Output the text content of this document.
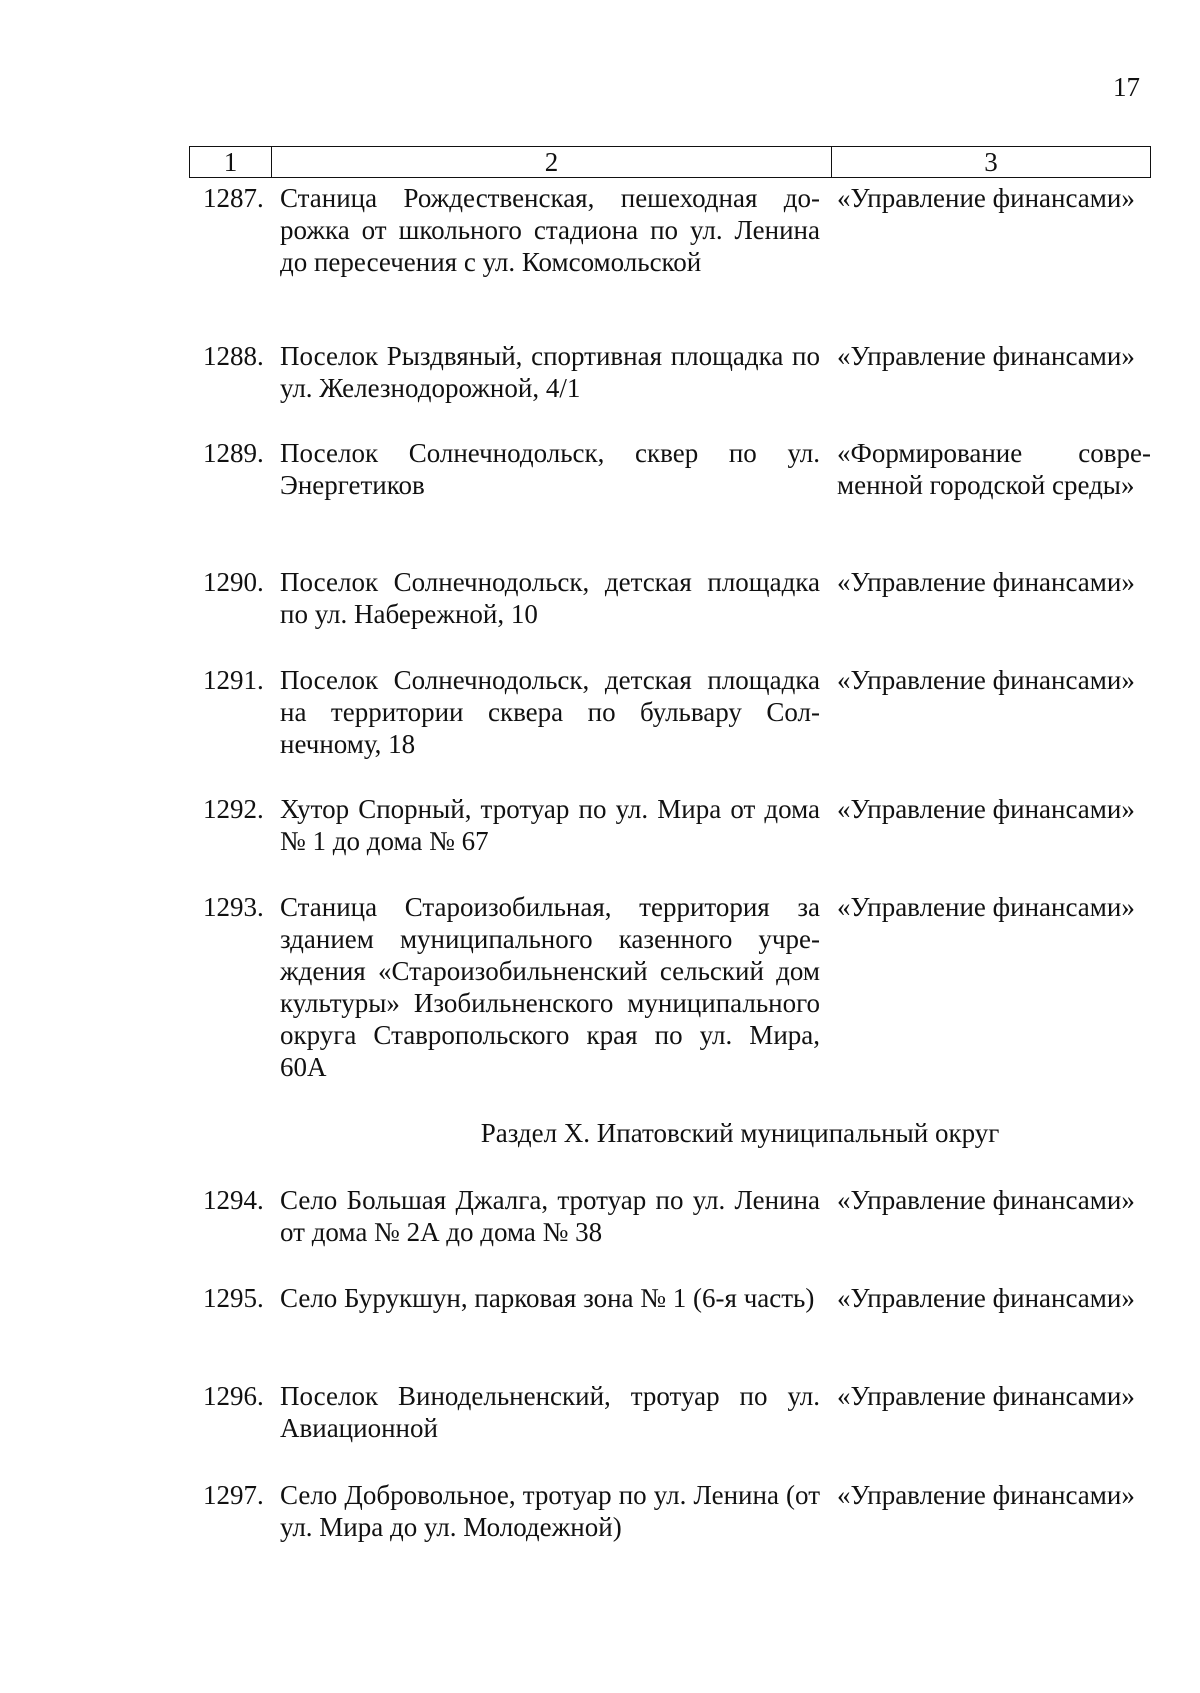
17
1	2	3
1287. Станица Рождественская, пешеходная дорожка от школьного стадиона по ул. Ленина до пересечения с ул. Комсомольской
«Управление финансами»
1288. Поселок Рыздвяный, спортивная площадка по ул. Железнодорожной, 4/1
«Управление финансами»
1289. Поселок Солнечнодольск, сквер по ул. Энергетиков
«Формирование современной городской среды»
1290. Поселок Солнечнодольск, детская площадка по ул. Набережной, 10
«Управление финансами»
1291. Поселок Солнечнодольск, детская площадка на территории сквера по бульвару Солнечному, 18
«Управление финансами»
1292. Хутор Спорный, тротуар по ул. Мира от дома № 1 до дома № 67
«Управление финансами»
1293. Станица Староизобильная, территория за зданием муниципального казенного учреждения «Староизобильненский сельский дом культуры» Изобильненского муниципального округа Ставропольского края по ул. Мира, 60А
«Управление финансами»
Раздел X. Ипатовский муниципальный округ
1294. Село Большая Джалга, тротуар по ул. Ленина от дома № 2А до дома № 38
«Управление финансами»
1295. Село Бурукшун, парковая зона № 1 (6-я часть) «Управление финансами»
1296. Поселок Винодельненский, тротуар по ул. Авиационной
«Управление финансами»
1297. Село Добровольное, тротуар по ул. Ленина (от ул. Мира до ул. Молодежной)
«Управление финансами»
